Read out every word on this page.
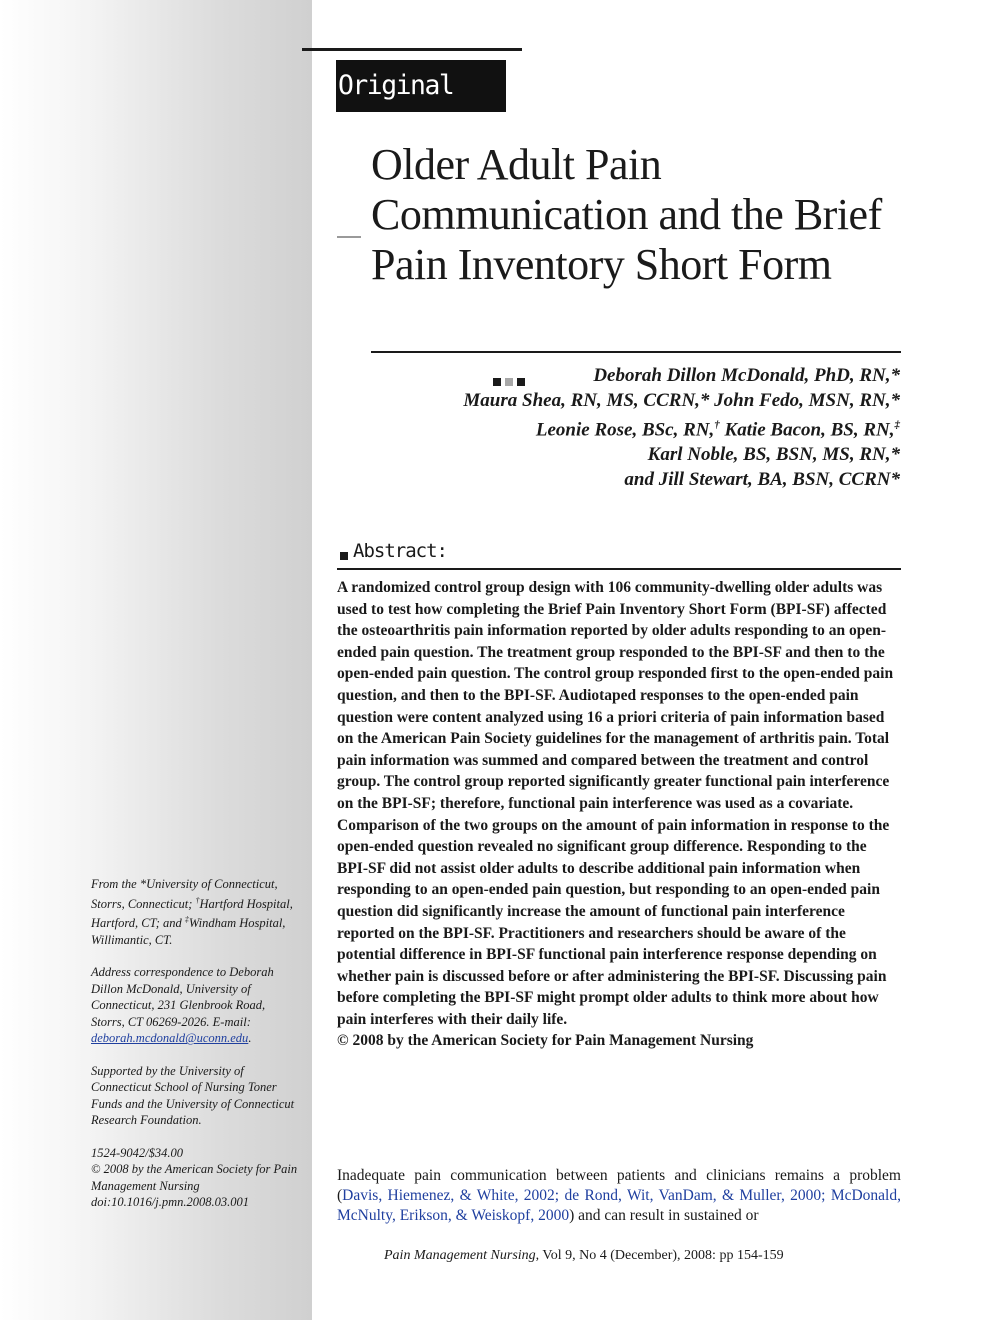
Original Article
Older Adult Pain Communication and the Brief Pain Inventory Short Form
Deborah Dillon McDonald, PhD, RN,*
Maura Shea, RN, MS, CCRN,* John Fedo, MSN, RN,*
Leonie Rose, BSc, RN,† Katie Bacon, BS, RN,‡
Karl Noble, BS, BSN, MS, RN,*
and Jill Stewart, BA, BSN, CCRN*
Abstract:

A randomized control group design with 106 community-dwelling older adults was used to test how completing the Brief Pain Inventory Short Form (BPI-SF) affected the osteoarthritis pain information reported by older adults responding to an open-ended pain question. The treatment group responded to the BPI-SF and then to the open-ended pain question. The control group responded first to the open-ended pain question, and then to the BPI-SF. Audiotaped responses to the open-ended pain question were content analyzed using 16 a priori criteria of pain information based on the American Pain Society guidelines for the management of arthritis pain. Total pain information was summed and compared between the treatment and control group. The control group reported significantly greater functional pain interference on the BPI-SF; therefore, functional pain interference was used as a covariate. Comparison of the two groups on the amount of pain information in response to the open-ended question revealed no significant group difference. Responding to the BPI-SF did not assist older adults to describe additional pain information when responding to an open-ended pain question, but responding to an open-ended pain question did significantly increase the amount of functional pain interference reported on the BPI-SF. Practitioners and researchers should be aware of the potential difference in BPI-SF functional pain interference response depending on whether pain is discussed before or after administering the BPI-SF. Discussing pain before completing the BPI-SF might prompt older adults to think more about how pain interferes with their daily life.

© 2008 by the American Society for Pain Management Nursing

From the *University of Connecticut, Storrs, Connecticut; †Hartford Hospital, Hartford, CT; and ‡Windham Hospital, Willimantic, CT.

Address correspondence to Deborah Dillon McDonald, University of Connecticut, 231 Glenbrook Road, Storrs, CT 06269-2026. E-mail: deborah.mcdonald@uconn.edu.

Supported by the University of Connecticut School of Nursing Toner Funds and the University of Connecticut Research Foundation.

1524-9042/$34.00
© 2008 by the American Society for Pain Management Nursing
doi:10.1016/j.pmn.2008.03.001

Inadequate pain communication between patients and clinicians remains a problem (Davis, Hiemenez, & White, 2002; de Rond, Wit, VanDam, & Muller, 2000; McDonald, McNulty, Erikson, & Weiskopf, 2000) and can result in sustained or

Pain Management Nursing, Vol 9, No 4 (December), 2008: pp 154-159
